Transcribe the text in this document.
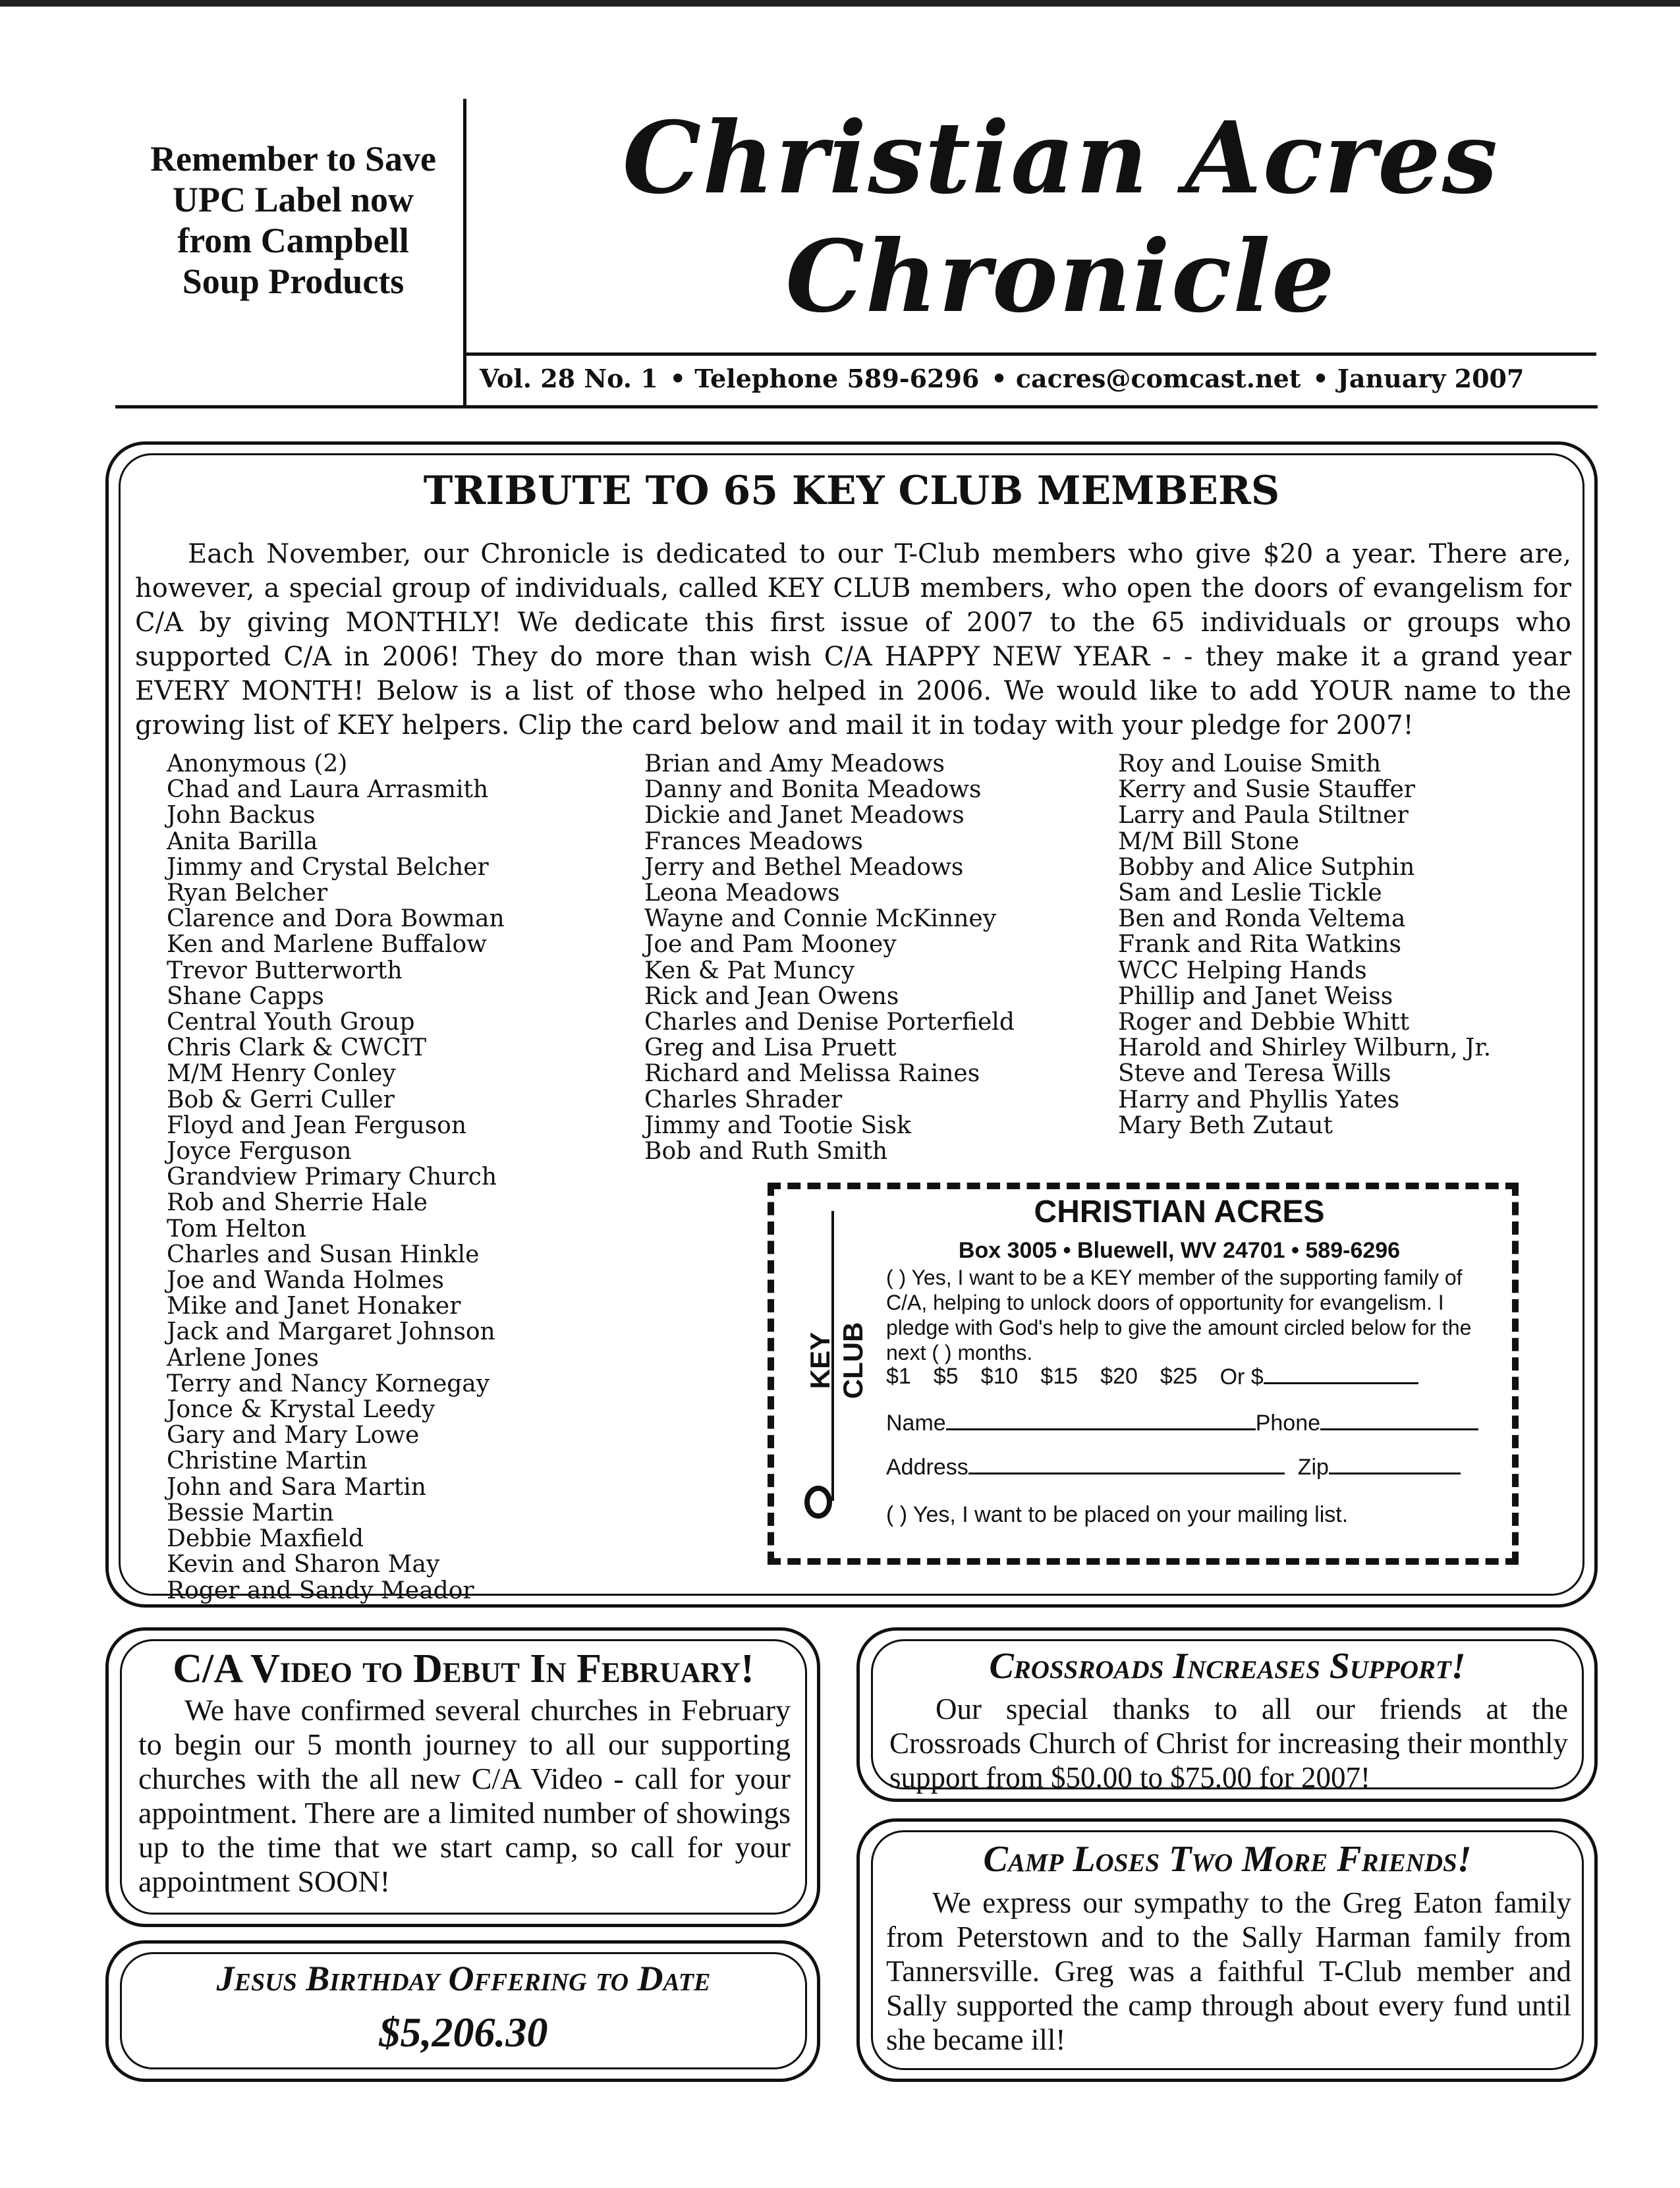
Remember to Save UPC Label now from Campbell Soup Products
Christian Acres
Chronicle
Vol. 28 No. 1 • Telephone 589-6296 • cacres@comcast.net • January 2007
TRIBUTE TO 65 KEY CLUB MEMBERS

Each November, our Chronicle is dedicated to our T-Club members who give $20 a year. There are, however, a special group of individuals, called KEY CLUB members, who open the doors of evangelism for C/A by giving MONTHLY! We dedicate this first issue of 2007 to the 65 individuals or groups who supported C/A in 2006! They do more than wish C/A HAPPY NEW YEAR - - they make it a grand year EVERY MONTH! Below is a list of those who helped in 2006. We would like to add YOUR name to the growing list of KEY helpers. Clip the card below and mail it in today with your pledge for 2007!

Anonymous (2)
Chad and Laura Arrasmith
John Backus
Anita Barilla
Jimmy and Crystal Belcher
Ryan Belcher
Clarence and Dora Bowman
Ken and Marlene Buffalow
Trevor Butterworth
Shane Capps
Central Youth Group
Chris Clark & CWCIT
M/M Henry Conley
Bob & Gerri Culler
Floyd and Jean Ferguson
Joyce Ferguson
Grandview Primary Church
Rob and Sherrie Hale
Tom Helton
Charles and Susan Hinkle
Joe and Wanda Holmes
Mike and Janet Honaker
Jack and Margaret Johnson
Arlene Jones
Terry and Nancy Kornegay
Jonce & Krystal Leedy
Gary and Mary Lowe
Christine Martin
John and Sara Martin
Bessie Martin
Debbie Maxfield
Kevin and Sharon May
Roger and Sandy Meador
Brian and Amy Meadows
Danny and Bonita Meadows
Dickie and Janet Meadows
Frances Meadows
Jerry and Bethel Meadows
Leona Meadows
Wayne and Connie McKinney
Joe and Pam Mooney
Ken & Pat Muncy
Rick and Jean Owens
Charles and Denise Porterfield
Greg and Lisa Pruett
Richard and Melissa Raines
Charles Shrader
Jimmy and Tootie Sisk
Bob and Ruth Smith
Roy and Louise Smith
Kerry and Susie Stauffer
Larry and Paula Stiltner
M/M Bill Stone
Bobby and Alice Sutphin
Sam and Leslie Tickle
Ben and Ronda Veltema
Frank and Rita Watkins
WCC Helping Hands
Phillip and Janet Weiss
Roger and Debbie Whitt
Harold and Shirley Wilburn, Jr.
Steve and Teresa Wills
Harry and Phyllis Yates
Mary Beth Zutaut
KEY CLUB
CHRISTIAN ACRES
Box 3005 • Bluewell, WV 24701 • 589-6296
( ) Yes, I want to be a KEY member of the supporting family of C/A, helping to unlock doors of opportunity for evangelism. I pledge with God's help to give the amount circled below for the next ( ) months.
$1 $5 $10 $15 $20 $25 Or $
Name	Phone
Address	Zip
( ) Yes, I want to be placed on your mailing list.
C/A Video to Debut In February!

We have confirmed several churches in February to begin our 5 month journey to all our supporting churches with the all new C/A Video - call for your appointment. There are a limited number of showings up to the time that we start camp, so call for your appointment SOON!

Jesus Birthday Offering to Date
$5,206.30
Crossroads Increases Support!

Our special thanks to all our friends at the Crossroads Church of Christ for increasing their monthly support from $50.00 to $75.00 for 2007!

Camp Loses Two More Friends!

We express our sympathy to the Greg Eaton family from Peterstown and to the Sally Harman family from Tannersville. Greg was a faithful T-Club member and Sally supported the camp through about every fund until she became ill!
